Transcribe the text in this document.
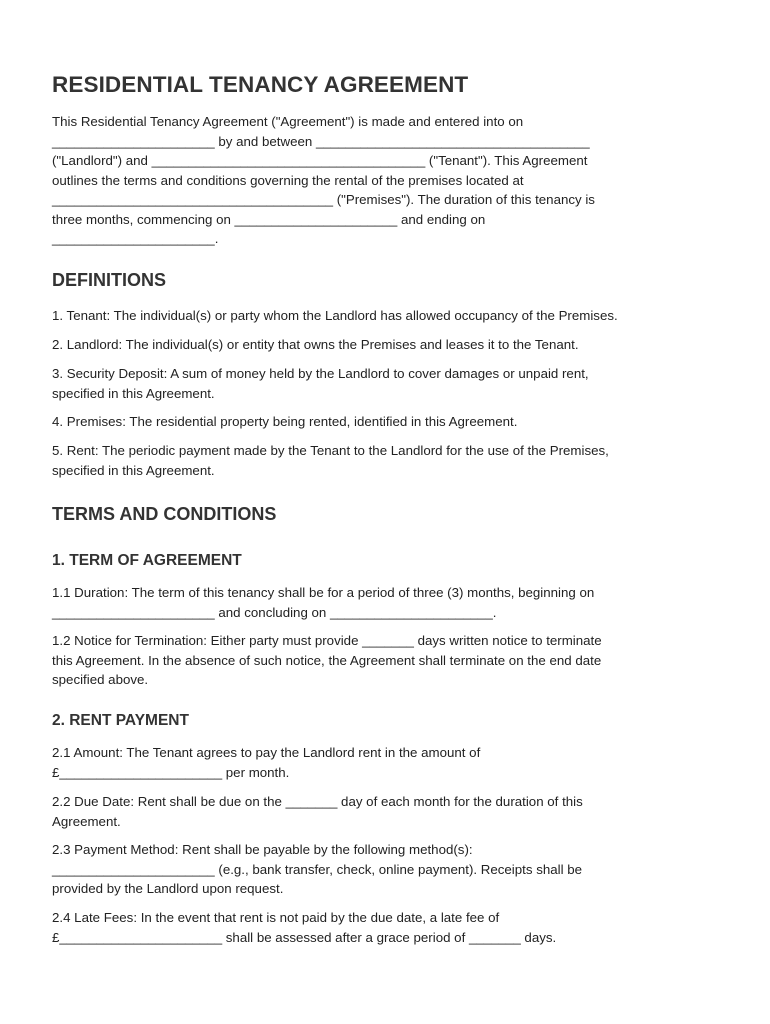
RESIDENTIAL TENANCY AGREEMENT
This Residential Tenancy Agreement ("Agreement") is made and entered into on
______________________ by and between _____________________________________
("Landlord") and _____________________________________ ("Tenant"). This Agreement
outlines the terms and conditions governing the rental of the premises located at
______________________________________ ("Premises"). The duration of this tenancy is
three months, commencing on ______________________ and ending on
______________________.
DEFINITIONS
1. Tenant: The individual(s) or party whom the Landlord has allowed occupancy of the Premises.
2. Landlord: The individual(s) or entity that owns the Premises and leases it to the Tenant.
3. Security Deposit: A sum of money held by the Landlord to cover damages or unpaid rent,
specified in this Agreement.
4. Premises: The residential property being rented, identified in this Agreement.
5. Rent: The periodic payment made by the Tenant to the Landlord for the use of the Premises,
specified in this Agreement.
TERMS AND CONDITIONS
1. TERM OF AGREEMENT
1.1 Duration: The term of this tenancy shall be for a period of three (3) months, beginning on
______________________ and concluding on ______________________.
1.2 Notice for Termination: Either party must provide _______ days written notice to terminate
this Agreement. In the absence of such notice, the Agreement shall terminate on the end date
specified above.
2. RENT PAYMENT
2.1 Amount: The Tenant agrees to pay the Landlord rent in the amount of
£______________________ per month.
2.2 Due Date: Rent shall be due on the _______ day of each month for the duration of this
Agreement.
2.3 Payment Method: Rent shall be payable by the following method(s):
______________________ (e.g., bank transfer, check, online payment). Receipts shall be
provided by the Landlord upon request.
2.4 Late Fees: In the event that rent is not paid by the due date, a late fee of
£______________________ shall be assessed after a grace period of _______ days.
